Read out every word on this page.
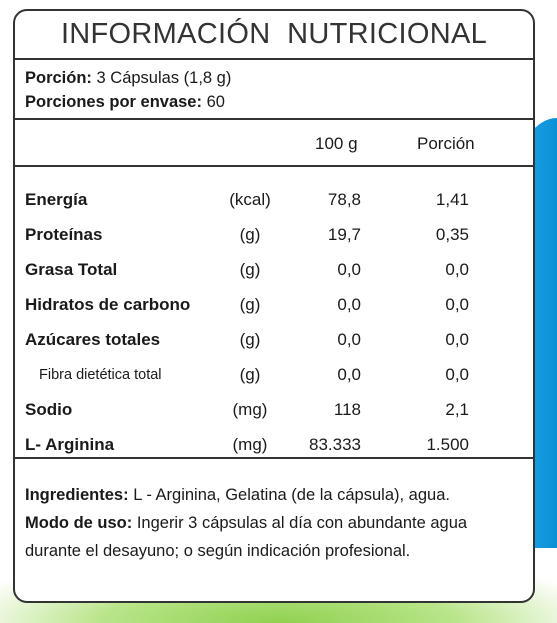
INFORMACIÓN  NUTRICIONAL
Porción: 3 Cápsulas (1,8 g)
Porciones por envase: 60
100 g	Porción
Energía	(kcal)	78,8	1,41
Proteínas	(g)	19,7	0,35
Grasa Total	(g)	0,0	0,0
Hidratos de carbono	(g)	0,0	0,0
Azúcares totales	(g)	0,0	0,0
Fibra dietética total	(g)	0,0	0,0
Sodio	(mg)	118	2,1
L- Arginina	(mg)	83.333	1.500
Ingredientes: L - Arginina, Gelatina (de la cápsula), agua.
Modo de uso: Ingerir 3 cápsulas al día con abundante agua
durante el desayuno; o según indicación profesional.
